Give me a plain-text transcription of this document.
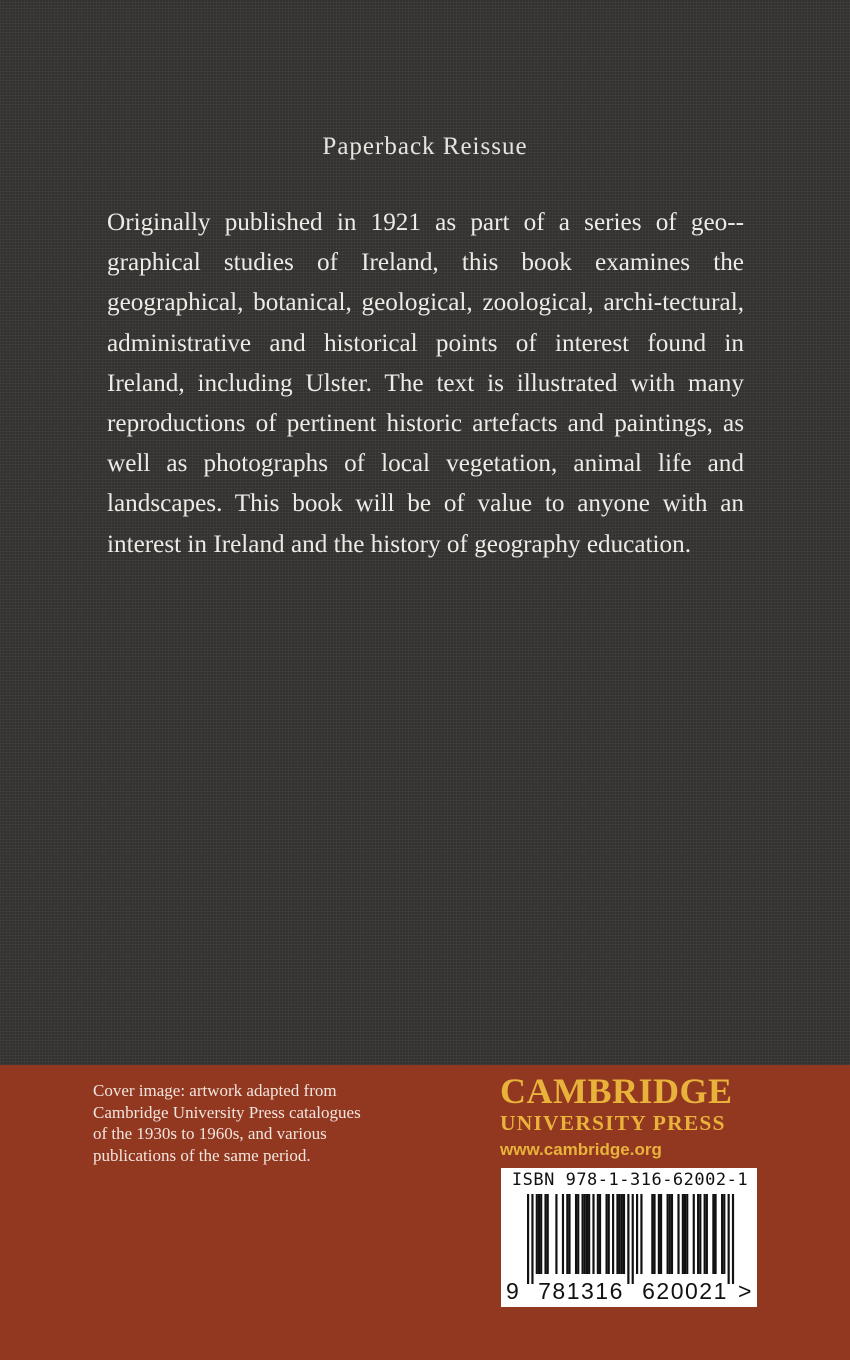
Paperback Reissue

Originally published in 1921 as part of a series of geo-graphical studies of Ireland, this book examines the geographical, botanical, geological, zoological, archi-tectural, administrative and historical points of interest found in Ireland, including Ulster. The text is illustrated with many reproductions of pertinent historic artefacts and paintings, as well as photographs of local vegetation, animal life and landscapes. This book will be of value to anyone with an interest in Ireland and the history of geography education.

Cover image: artwork adapted from Cambridge University Press catalogues of the 1930s to 1960s, and various publications of the same period.

CAMBRIDGE
UNIVERSITY PRESS
www.cambridge.org

ISBN 978-1-316-62002-1

9 781316 620021 >
